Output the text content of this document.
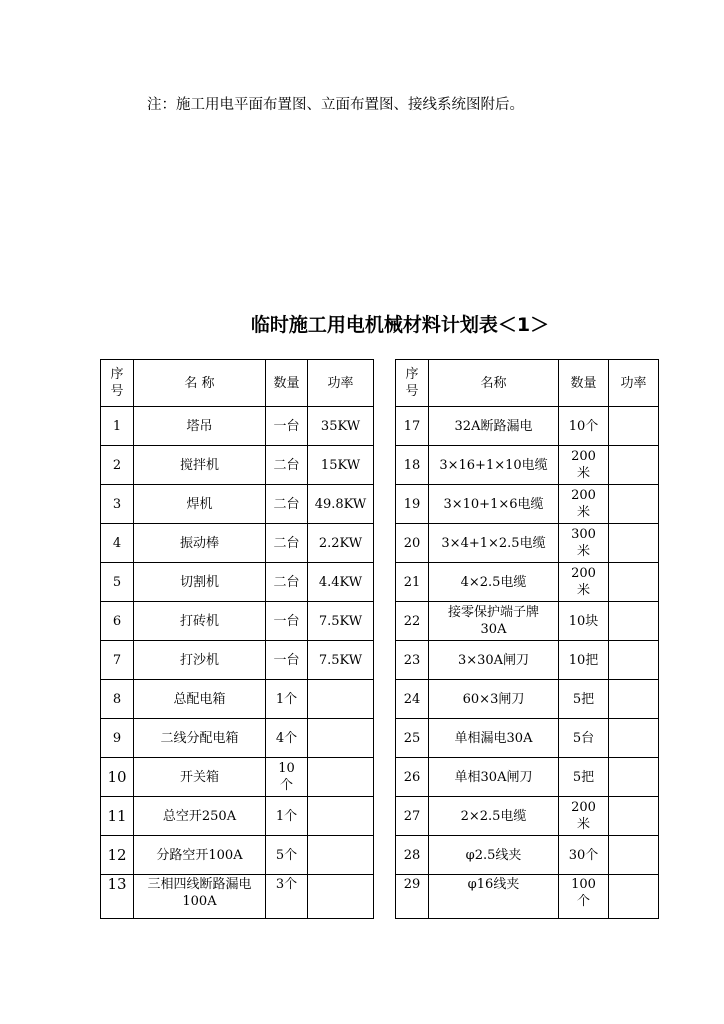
注：施工用电平面布置图、立面布置图、接线系统图附后。
临时施工用电机械材料计划表＜1＞
序
号	名 称	数量	功率
1	塔吊	一台	35KW
2	搅拌机	二台	15KW
3	焊机	二台	49.8KW
4	振动棒	二台	2.2KW
5	切割机	二台	4.4KW
6	打砖机	一台	7.5KW
7	打沙机	一台	7.5KW
8	总配电箱	1个	
9	二线分配电箱	4个	
10	开关箱	10
个	
11	总空开250A	1个	
12	分路空开100A	5个	
13	三相四线断路漏电
100A	3个	
序
号	名称	数量	功率
17	32A断路漏电	10个	
18	3×16+1×10电缆	200
米	
19	3×10+1×6电缆	200
米	
20	3×4+1×2.5电缆	300
米	
21	4×2.5电缆	200
米	
22	接零保护端子牌
30A	10块	
23	3×30A闸刀	10把	
24	60×3闸刀	5把	
25	单相漏电30A	5台	
26	单相30A闸刀	5把	
27	2×2.5电缆	200
米	
28	φ2.5线夹	30个	
29	φ16线夹	100
个	
